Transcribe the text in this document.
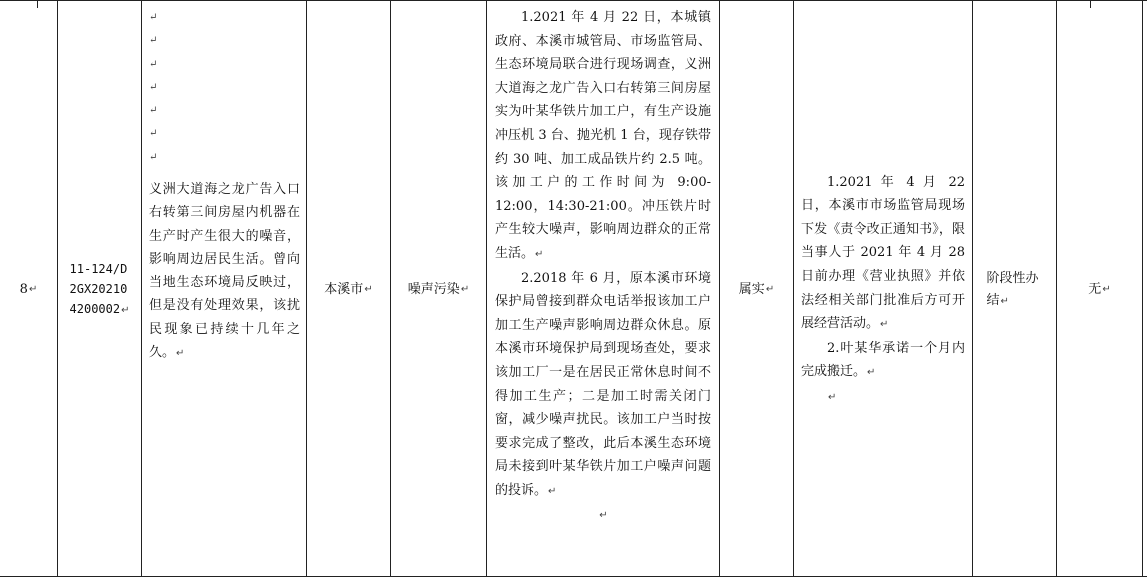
8 ↵
11-124/D
2GX20210
4200002↵
↵
↵
↵
↵
↵
↵
↵
义洲大道海之龙广告入口右转第三间房屋内机器在生产时产生很大的噪音，影响周边居民生活。曾向当地生态环境局反映过，但是没有处理效果，该扰民现象已持续十几年之久。↵
本溪市 ↵	噪声污染 ↵
1.2021 年 4 月 22 日，本城镇政府、本溪市城管局、市场监管局、生态环境局联合进行现场调查，义洲大道海之龙广告入口右转第三间房屋实为叶某华铁片加工户，有生产设施冲压机 3 台、抛光机 1 台，现存铁带约 30 吨、加工成品铁片约 2.5 吨。该加工户的工作时间为 9:00-12:00，14:30-21:00。冲压铁片时产生较大噪声，影响周边群众的正常生活。↵
2.2018 年 6 月，原本溪市环境保护局曾接到群众电话举报该加工户加工生产噪声影响周边群众休息。原本溪市环境保护局到现场查处，要求该加工厂一是在居民正常休息时间不得加工生产；二是加工时需关闭门窗，减少噪声扰民。该加工户当时按要求完成了整改，此后本溪生态环境局未接到叶某华铁片加工户噪声问题的投诉。↵
↵
属实 ↵
1.2021 年 4 月 22 日，本溪市市场监管局现场下发《责令改正通知书》，限当事人于 2021 年 4 月 28 日前办理《营业执照》并依法经相关部门批准后方可开展经营活动。↵
2.叶某华承诺一个月内完成搬迁。↵
↵
阶段性办结↵
无 ↵
